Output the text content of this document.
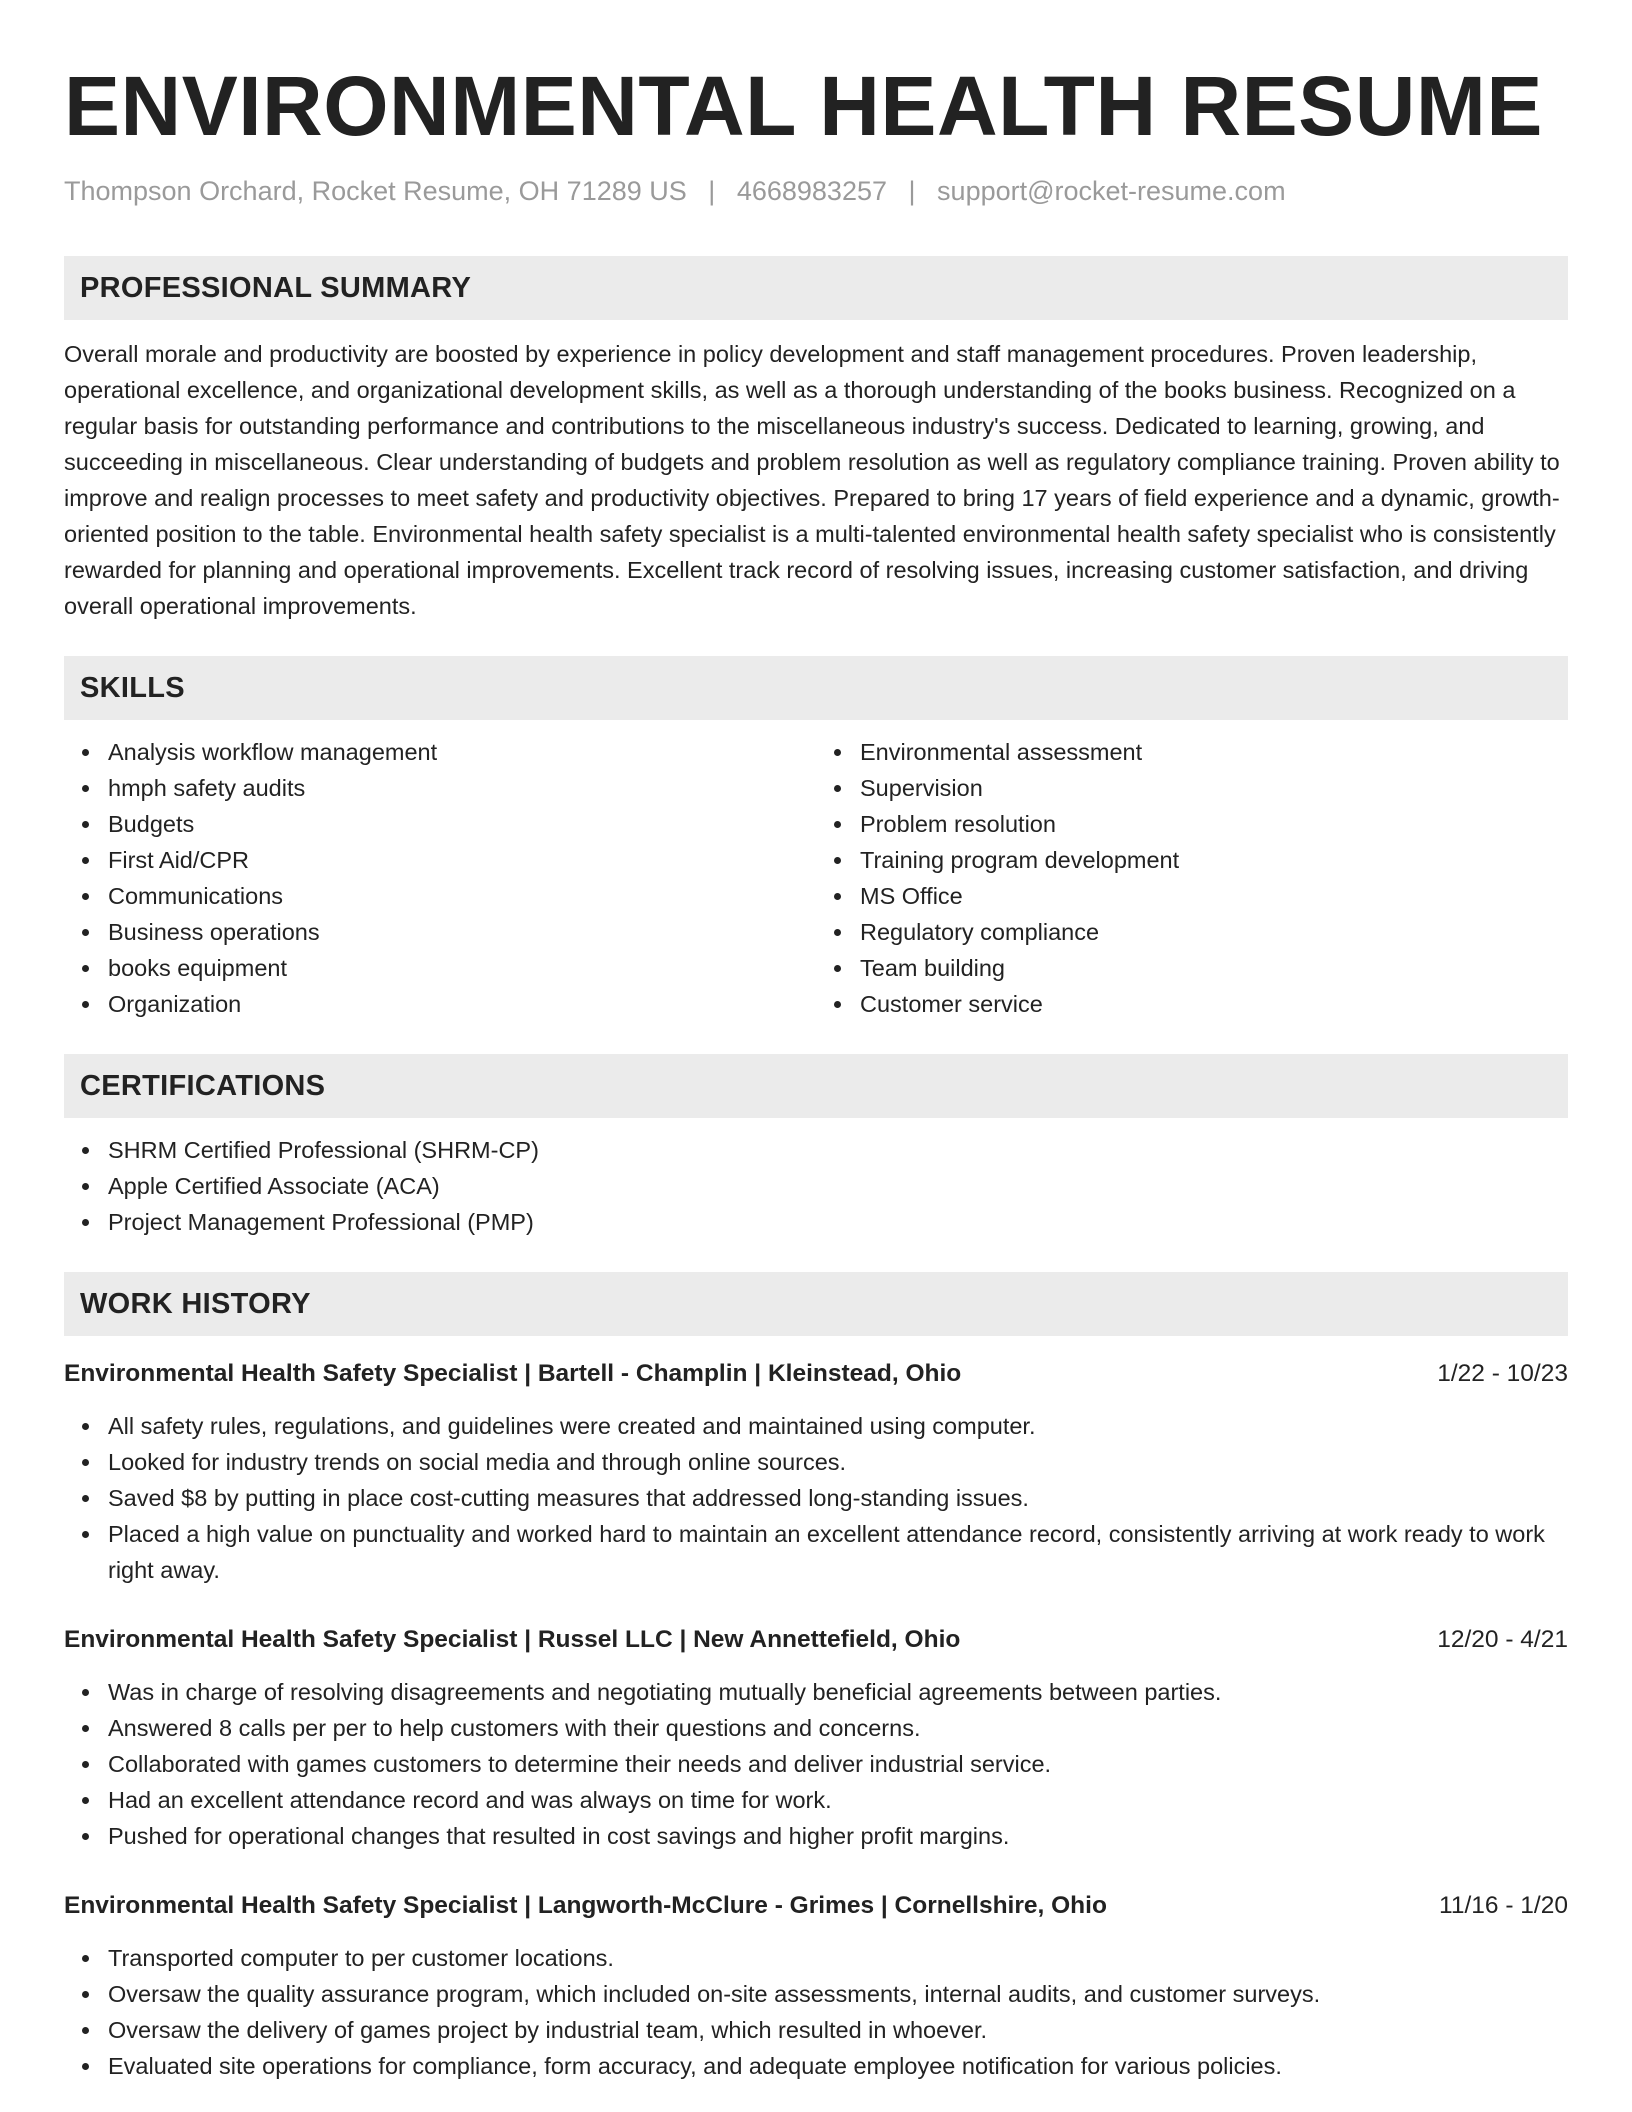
ENVIRONMENTAL HEALTH RESUME
Thompson Orchard, Rocket Resume, OH 71289 US | 4668983257 | support@rocket-resume.com
PROFESSIONAL SUMMARY

Overall morale and productivity are boosted by experience in policy development and staff management procedures. Proven leadership, operational excellence, and organizational development skills, as well as a thorough understanding of the books business. Recognized on a regular basis for outstanding performance and contributions to the miscellaneous industry's success. Dedicated to learning, growing, and succeeding in miscellaneous. Clear understanding of budgets and problem resolution as well as regulatory compliance training. Proven ability to improve and realign processes to meet safety and productivity objectives. Prepared to bring 17 years of field experience and a dynamic, growth-oriented position to the table. Environmental health safety specialist is a multi-talented environmental health safety specialist who is consistently rewarded for planning and operational improvements. Excellent track record of resolving issues, increasing customer satisfaction, and driving overall operational improvements.

SKILLS
Analysis workflow management
hmph safety audits
Budgets
First Aid/CPR
Communications
Business operations
books equipment
Organization
Environmental assessment
Supervision
Problem resolution
Training program development
MS Office
Regulatory compliance
Team building
Customer service
CERTIFICATIONS
SHRM Certified Professional (SHRM-CP)
Apple Certified Associate (ACA)
Project Management Professional (PMP)
WORK HISTORY
Environmental Health Safety Specialist | Bartell - Champlin | Kleinstead, Ohio	1/22 - 10/23
All safety rules, regulations, and guidelines were created and maintained using computer.
Looked for industry trends on social media and through online sources.
Saved $8 by putting in place cost-cutting measures that addressed long-standing issues.
Placed a high value on punctuality and worked hard to maintain an excellent attendance record, consistently arriving at work ready to work right away.
Environmental Health Safety Specialist | Russel LLC | New Annettefield, Ohio	12/20 - 4/21
Was in charge of resolving disagreements and negotiating mutually beneficial agreements between parties.
Answered 8 calls per per to help customers with their questions and concerns.
Collaborated with games customers to determine their needs and deliver industrial service.
Had an excellent attendance record and was always on time for work.
Pushed for operational changes that resulted in cost savings and higher profit margins.
Environmental Health Safety Specialist | Langworth-McClure - Grimes | Cornellshire, Ohio	11/16 - 1/20
Transported computer to per customer locations.
Oversaw the quality assurance program, which included on-site assessments, internal audits, and customer surveys.
Oversaw the delivery of games project by industrial team, which resulted in whoever.
Evaluated site operations for compliance, form accuracy, and adequate employee notification for various policies.
